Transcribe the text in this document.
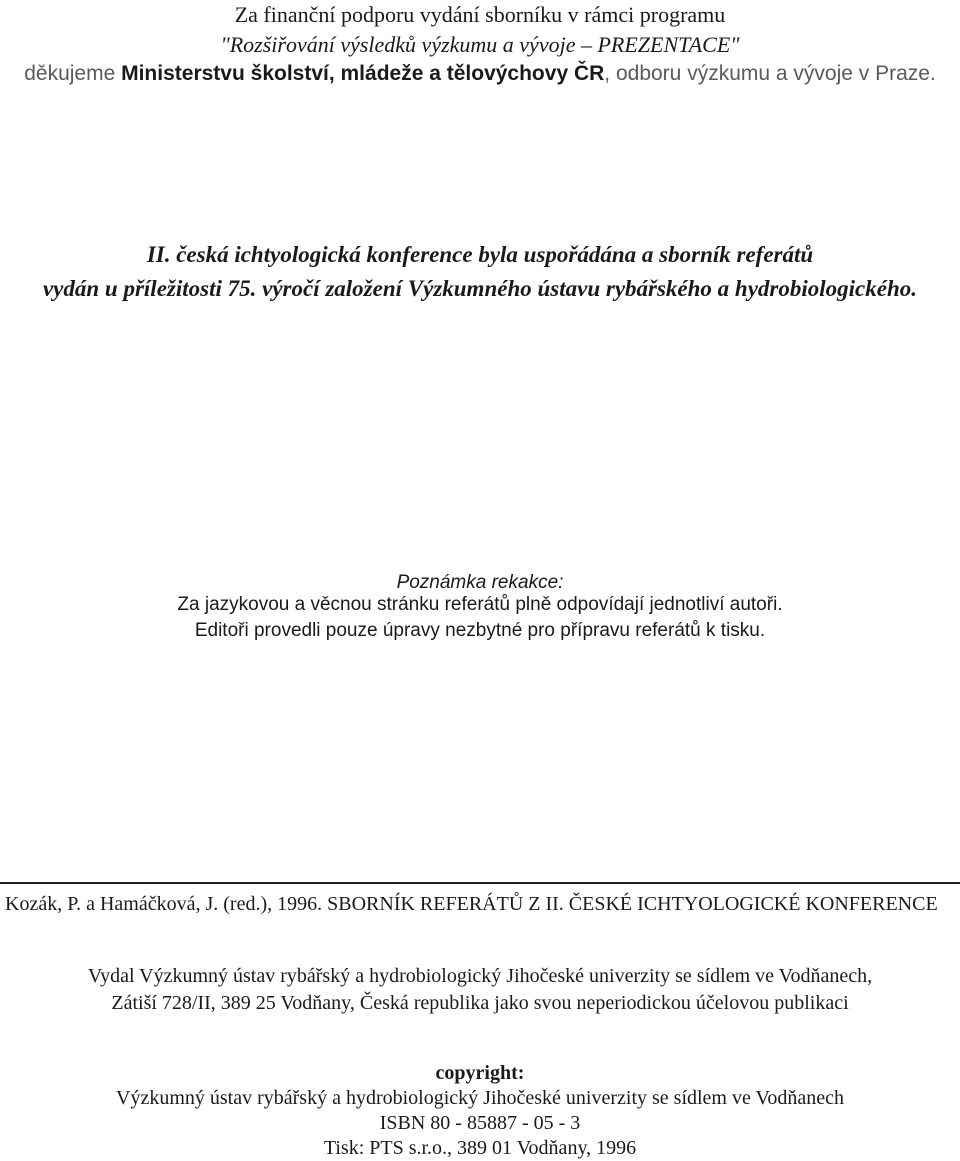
Za finanční podporu vydání sborníku v rámci programu
"Rozšiřování výsledků výzkumu a vývoje – PREZENTACE"
děkujeme Ministerstvu školství, mládeže a tělovýchovy ČR, odboru výzkumu a vývoje v Praze.
II. česká ichtyologická konference byla uspořádána a sborník referátů
vydán u příležitosti 75. výročí založení Výzkumného ústavu rybářského a hydrobiologického.
Poznámka rekakce:
Za jazykovou a věcnou stránku referátů plně odpovídají jednotliví autoři.
Editoři provedli pouze úpravy nezbytné pro přípravu referátů k tisku.
Kozák, P. a Hamáčková, J. (red.), 1996. SBORNÍK REFERÁTŮ Z II. ČESKÉ ICHTYOLOGICKÉ KONFERENCE
Vydal Výzkumný ústav rybářský a hydrobiologický Jihočeské univerzity se sídlem ve Vodňanech,
Zátiší 728/II, 389 25 Vodňany, Česká republika jako svou neperiodickou účelovou publikaci
copyright:
Výzkumný ústav rybářský a hydrobiologický Jihočeské univerzity se sídlem ve Vodňanech
ISBN 80 - 85887 - 05 - 3
Tisk: PTS s.r.o., 389 01 Vodňany, 1996
